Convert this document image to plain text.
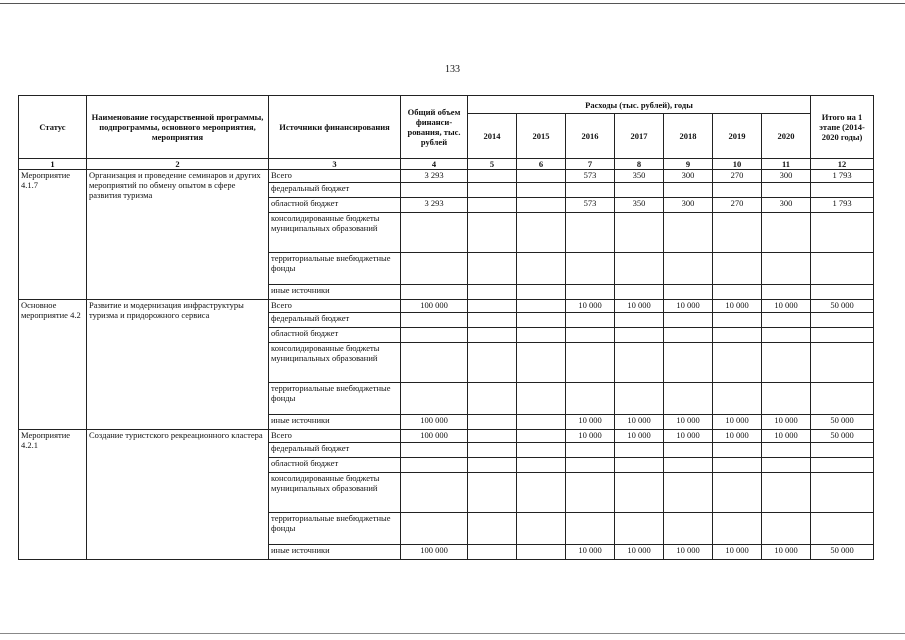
133
Статус	Наименование государственной программы, подпрограммы, основного мероприятия, мероприятия	Источники финансирования	Общий объем финанси-рования, тыс. рублей	Расходы (тыс. рублей), годы							Итого на 1 этапе (2014-2020 годы)
				2014	2015	2016	2017	2018	2019	2020	
1	2	3	4	5	6	7	8	9	10	11	12
Мероприятие 4.1.7	Организация и проведение семинаров и других мероприятий по обмену опытом в сфере развития туризма	Всего	3 293			573	350	300	270	300	1 793
		федеральный бюджет									
		областной бюджет	3 293			573	350	300	270	300	1 793
		консолидированные бюджеты муниципальных образований									
		территориальные внебюджетные фонды									
		иные источники									
Основное мероприятие 4.2	Развитие и модернизация инфраструктуры туризма и придорожного сервиса	Всего	100 000			10 000	10 000	10 000	10 000	10 000	50 000
		федеральный бюджет									
		областной бюджет									
		консолидированные бюджеты муниципальных образований									
		территориальные внебюджетные фонды									
		иные источники	100 000			10 000	10 000	10 000	10 000	10 000	50 000
Мероприятие 4.2.1	Создание туристского рекреационного кластера	Всего	100 000			10 000	10 000	10 000	10 000	10 000	50 000
		федеральный бюджет									
		областной бюджет									
		консолидированные бюджеты муниципальных образований									
		территориальные внебюджетные фонды									
		иные источники	100 000			10 000	10 000	10 000	10 000	10 000	50 000
